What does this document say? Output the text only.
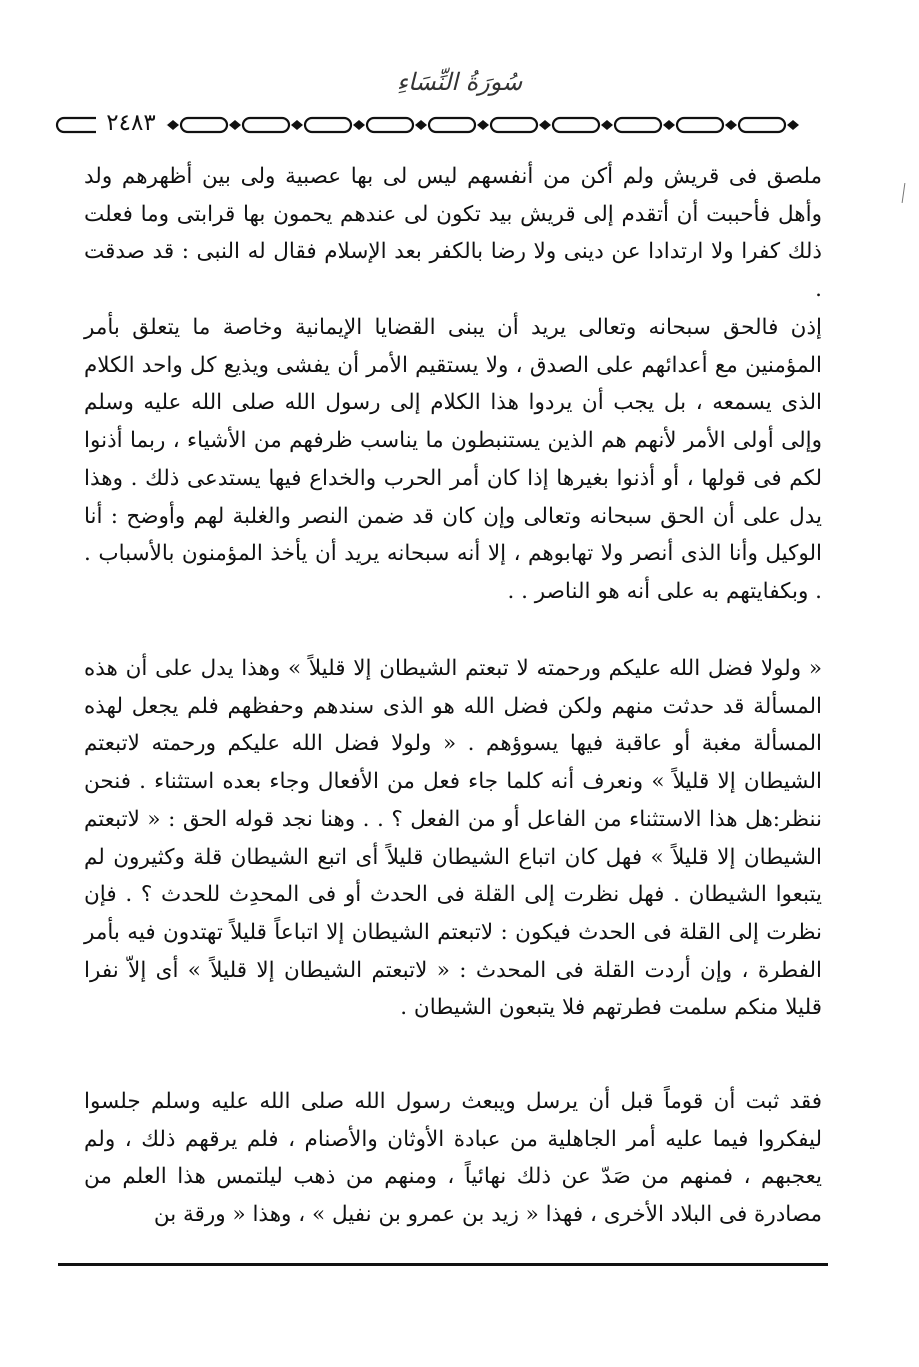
سُورَةُ النِّسَاءِ
٢٤٨٣

ملصق فى قريش ولم أكن من أنفسهم ليس لى بها عصبية ولى بين أظهرهم ولد وأهل فأحببت أن أتقدم إلى قريش بيد تكون لى عندهم يحمون بها قرابتى وما فعلت ذلك كفرا ولا ارتدادا عن دينى ولا رضا بالكفر بعد الإسلام فقال له النبى : قد صدقت .

إذن فالحق سبحانه وتعالى يريد أن يبنى القضايا الإيمانية وخاصة ما يتعلق بأمر المؤمنين مع أعدائهم على الصدق ، ولا يستقيم الأمر أن يفشى ويذيع كل واحد الكلام الذى يسمعه ، بل يجب أن يردوا هذا الكلام إلى رسول الله صلى الله عليه وسلم وإلى أولى الأمر لأنهم هم الذين يستنبطون ما يناسب ظرفهم من الأشياء ، ربما أذنوا لكم فى قولها ، أو أذنوا بغيرها إذا كان أمر الحرب والخداع فيها يستدعى ذلك . وهذا يدل على أن الحق سبحانه وتعالى وإن كان قد ضمن النصر والغلبة لهم وأوضح : أنا الوكيل وأنا الذى أنصر ولا تهابوهم ، إلا أنه سبحانه يريد أن يأخذ المؤمنون بالأسباب . . وبكفايتهم به على أنه هو الناصر . .

« ولولا فضل الله عليكم ورحمته لا تبعتم الشيطان إلا قليلاً » وهذا يدل على أن هذه المسألة قد حدثت منهم ولكن فضل الله هو الذى سندهم وحفظهم فلم يجعل لهذه المسألة مغبة أو عاقبة فيها يسوؤهم . « ولولا فضل الله عليكم ورحمته لاتبعتم الشيطان إلا قليلاً » ونعرف أنه كلما جاء فعل من الأفعال وجاء بعده استثناء . فنحن ننظر:هل هذا الاستثناء من الفاعل أو من الفعل ؟ . . وهنا نجد قوله الحق : « لاتبعتم الشيطان إلا قليلاً » فهل كان اتباع الشيطان قليلاً أى اتبع الشيطان قلة وكثيرون لم يتبعوا الشيطان . فهل نظرت إلى القلة فى الحدث أو فى المحدِث للحدث ؟ . فإن نظرت إلى القلة فى الحدث فيكون : لاتبعتم الشيطان إلا اتباعاً قليلاً تهتدون فيه بأمر الفطرة ، وإن أردت القلة فى المحدث : « لاتبعتم الشيطان إلا قليلاً » أى إلاّ نفرا قليلا منكم سلمت فطرتهم فلا يتبعون الشيطان .

فقد ثبت أن قوماً قبل أن يرسل ويبعث رسول الله صلى الله عليه وسلم جلسوا ليفكروا فيما عليه أمر الجاهلية من عبادة الأوثان والأصنام ، فلم يرقهم ذلك ، ولم يعجبهم ، فمنهم من صَدّ عن ذلك نهائياً ، ومنهم من ذهب ليلتمس هذا العلم من مصادرة فى البلاد الأخرى ، فهذا « زيد بن عمرو بن نفيل » ، وهذا « ورقة بن
